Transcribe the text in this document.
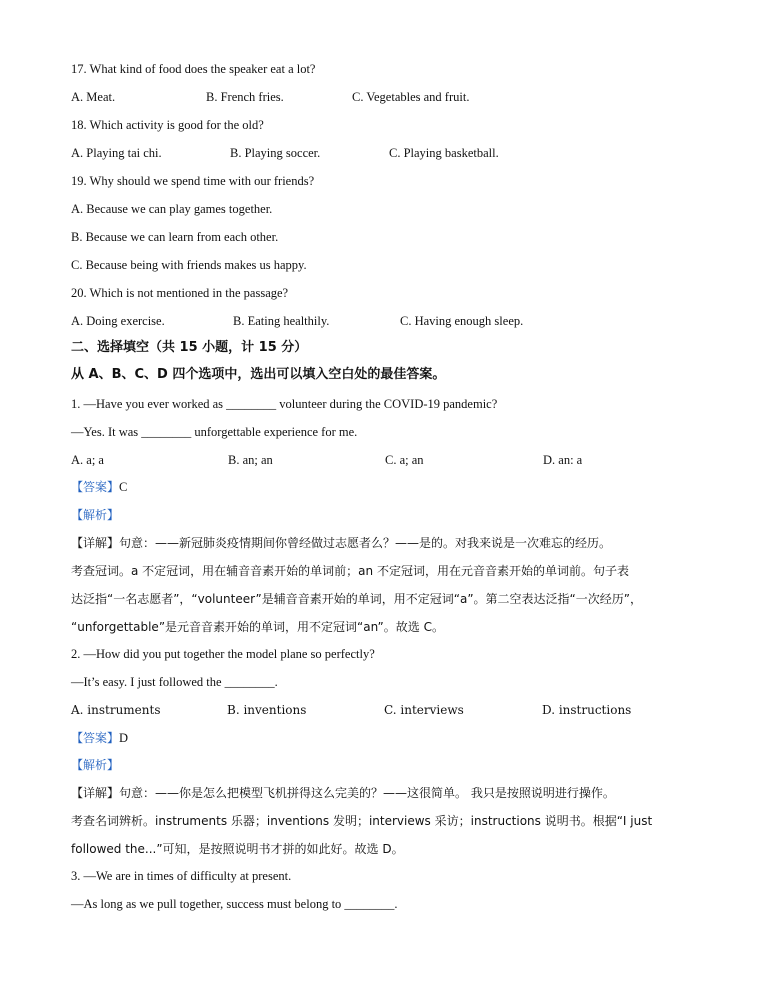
17. What kind of food does the speaker eat a lot?
A. Meat.	B. French fries.	C. Vegetables and fruit.
18. Which activity is good for the old?
A. Playing tai chi.	B. Playing soccer.	C. Playing basketball.
19. Why should we spend time with our friends?
A. Because we can play games together.
B. Because we can learn from each other.
C. Because being with friends makes us happy.
20. Which is not mentioned in the passage?
A. Doing exercise.	B. Eating healthily.	C. Having enough sleep.
二、选择填空（共 15 小题，计 15 分）
从 A、B、C、D 四个选项中，选出可以填入空白处的最佳答案。
1. —Have you ever worked as ________ volunteer during the COVID-19 pandemic?
—Yes. It was ________ unforgettable experience for me.
A. a; a	B. an; an	C. a; an	D. an: a
【答案】C
【解析】
【详解】句意：——新冠肺炎疫情期间你曾经做过志愿者么？——是的。对我来说是一次难忘的经历。
考查冠词。a 不定冠词，用在辅音音素开始的单词前；an 不定冠词，用在元音音素开始的单词前。句子表
达泛指“一名志愿者”，“volunteer”是辅音音素开始的单词，用不定冠词“a”。第二空表达泛指“一次经历”，
“unforgettable”是元音音素开始的单词，用不定冠词“an”。故选 C。
2. —How did you put together the model plane so perfectly?
—It’s easy. I just followed the ________.
A. instruments	B. inventions	C. interviews	D. instructions
【答案】D
【解析】
【详解】句意：——你是怎么把模型飞机拼得这么完美的？——这很简单。 我只是按照说明进行操作。
考查名词辨析。instruments 乐器；inventions 发明；interviews 采访；instructions 说明书。根据“I just
followed the...”可知，是按照说明书才拼的如此好。故选 D。
3. —We are in times of difficulty at present.
—As long as we pull together, success must belong to ________.
